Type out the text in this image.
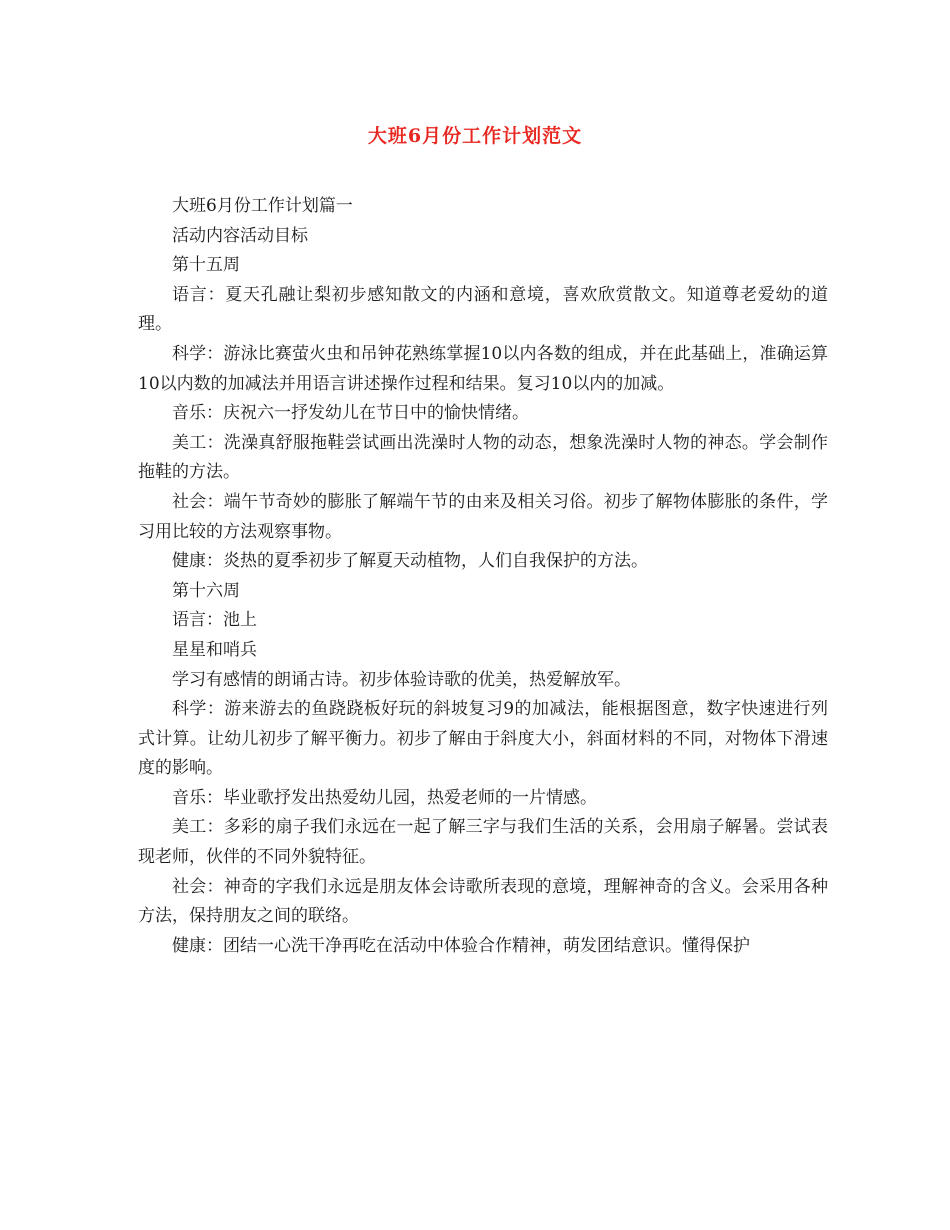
大班6月份工作计划范文

大班6月份工作计划篇一

活动内容活动目标

第十五周

语言：夏天孔融让梨初步感知散文的内涵和意境，喜欢欣赏散文。知道尊老爱幼的道理。

科学：游泳比赛萤火虫和吊钟花熟练掌握10以内各数的组成，并在此基础上，准确运算10以内数的加减法并用语言讲述操作过程和结果。复习10以内的加减。

音乐：庆祝六一抒发幼儿在节日中的愉快情绪。

美工：洗澡真舒服拖鞋尝试画出洗澡时人物的动态，想象洗澡时人物的神态。学会制作拖鞋的方法。

社会：端午节奇妙的膨胀了解端午节的由来及相关习俗。初步了解物体膨胀的条件，学习用比较的方法观察事物。

健康：炎热的夏季初步了解夏天动植物，人们自我保护的方法。

第十六周

语言：池上

星星和哨兵

学习有感情的朗诵古诗。初步体验诗歌的优美，热爱解放军。

科学：游来游去的鱼跷跷板好玩的斜坡复习9的加减法，能根据图意，数字快速进行列式计算。让幼儿初步了解平衡力。初步了解由于斜度大小，斜面材料的不同，对物体下滑速度的影响。

音乐：毕业歌抒发出热爱幼儿园，热爱老师的一片情感。

美工：多彩的扇子我们永远在一起了解三字与我们生活的关系，会用扇子解暑。尝试表现老师，伙伴的不同外貌特征。

社会：神奇的字我们永远是朋友体会诗歌所表现的意境，理解神奇的含义。会采用各种方法，保持朋友之间的联络。

健康：团结一心洗干净再吃在活动中体验合作精神，萌发团结意识。懂得保护
